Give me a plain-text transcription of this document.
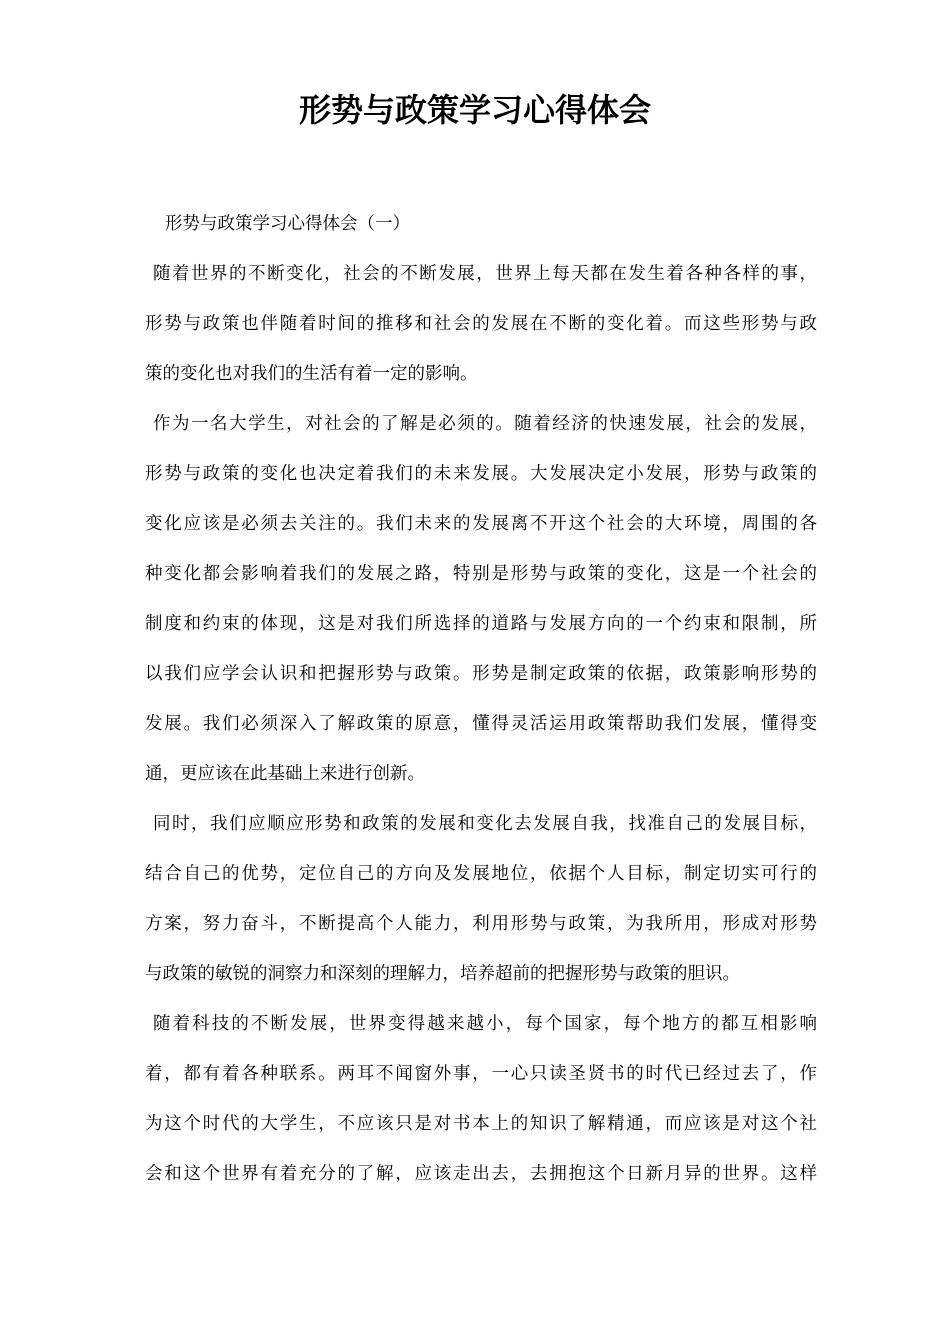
形势与政策学习心得体会
形势与政策学习心得体会（一）
随着世界的不断变化，社会的不断发展，世界上每天都在发生着各种各样的事，
形势与政策也伴随着时间的推移和社会的发展在不断的变化着。而这些形势与政
策的变化也对我们的生活有着一定的影响。
作为一名大学生，对社会的了解是必须的。随着经济的快速发展，社会的发展，
形势与政策的变化也决定着我们的未来发展。大发展决定小发展，形势与政策的
变化应该是必须去关注的。我们未来的发展离不开这个社会的大环境，周围的各
种变化都会影响着我们的发展之路，特别是形势与政策的变化，这是一个社会的
制度和约束的体现，这是对我们所选择的道路与发展方向的一个约束和限制，所
以我们应学会认识和把握形势与政策。形势是制定政策的依据，政策影响形势的
发展。我们必须深入了解政策的原意，懂得灵活运用政策帮助我们发展，懂得变
通，更应该在此基础上来进行创新。
同时，我们应顺应形势和政策的发展和变化去发展自我，找准自己的发展目标，
结合自己的优势，定位自己的方向及发展地位，依据个人目标，制定切实可行的
方案，努力奋斗，不断提高个人能力，利用形势与政策，为我所用，形成对形势
与政策的敏锐的洞察力和深刻的理解力，培养超前的把握形势与政策的胆识。
随着科技的不断发展，世界变得越来越小，每个国家，每个地方的都互相影响
着，都有着各种联系。两耳不闻窗外事，一心只读圣贤书的时代已经过去了，作
为这个时代的大学生，不应该只是对书本上的知识了解精通，而应该是对这个社
会和这个世界有着充分的了解，应该走出去，去拥抱这个日新月异的世界。这样
